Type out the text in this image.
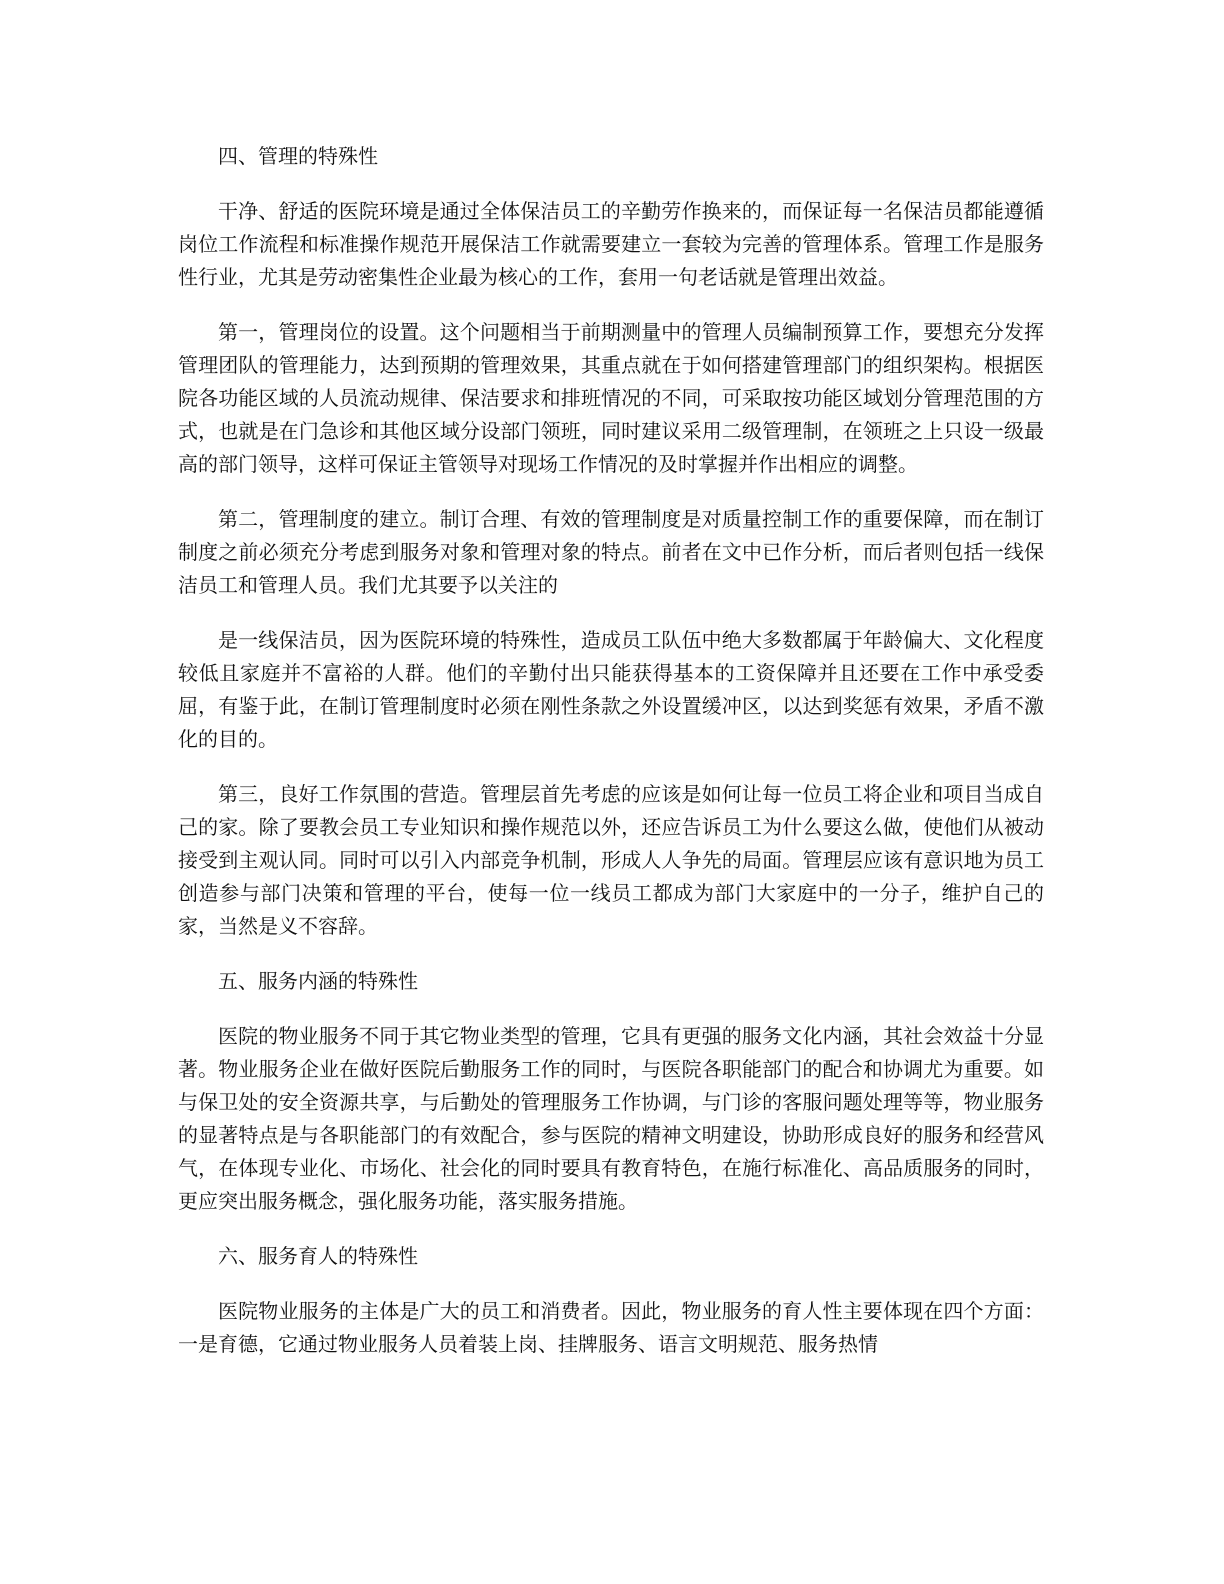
四、管理的特殊性

干净、舒适的医院环境是通过全体保洁员工的辛勤劳作换来的，而保证每一名保洁员都能遵循岗位工作流程和标准操作规范开展保洁工作就需要建立一套较为完善的管理体系。管理工作是服务性行业，尤其是劳动密集性企业最为核心的工作，套用一句老话就是管理出效益。

第一，管理岗位的设置。这个问题相当于前期测量中的管理人员编制预算工作，要想充分发挥管理团队的管理能力，达到预期的管理效果，其重点就在于如何搭建管理部门的组织架构。根据医院各功能区域的人员流动规律、保洁要求和排班情况的不同，可采取按功能区域划分管理范围的方式，也就是在门急诊和其他区域分设部门领班，同时建议采用二级管理制，在领班之上只设一级最高的部门领导，这样可保证主管领导对现场工作情况的及时掌握并作出相应的调整。

第二，管理制度的建立。制订合理、有效的管理制度是对质量控制工作的重要保障，而在制订制度之前必须充分考虑到服务对象和管理对象的特点。前者在文中已作分析，而后者则包括一线保洁员工和管理人员。我们尤其要予以关注的

是一线保洁员，因为医院环境的特殊性，造成员工队伍中绝大多数都属于年龄偏大、文化程度较低且家庭并不富裕的人群。他们的辛勤付出只能获得基本的工资保障并且还要在工作中承受委屈，有鉴于此，在制订管理制度时必须在刚性条款之外设置缓冲区，以达到奖惩有效果，矛盾不激化的目的。

第三，良好工作氛围的营造。管理层首先考虑的应该是如何让每一位员工将企业和项目当成自己的家。除了要教会员工专业知识和操作规范以外，还应告诉员工为什么要这么做，使他们从被动接受到主观认同。同时可以引入内部竞争机制，形成人人争先的局面。管理层应该有意识地为员工创造参与部门决策和管理的平台，使每一位一线员工都成为部门大家庭中的一分子，维护自己的家，当然是义不容辞。

五、服务内涵的特殊性

医院的物业服务不同于其它物业类型的管理，它具有更强的服务文化内涵，其社会效益十分显著。物业服务企业在做好医院后勤服务工作的同时，与医院各职能部门的配合和协调尤为重要。如与保卫处的安全资源共享，与后勤处的管理服务工作协调，与门诊的客服问题处理等等，物业服务的显著特点是与各职能部门的有效配合，参与医院的精神文明建设，协助形成良好的服务和经营风气，在体现专业化、市场化、社会化的同时要具有教育特色，在施行标准化、高品质服务的同时，更应突出服务概念，强化服务功能，落实服务措施。

六、服务育人的特殊性

医院物业服务的主体是广大的员工和消费者。因此，物业服务的育人性主要体现在四个方面：一是育德，它通过物业服务人员着装上岗、挂牌服务、语言文明规范、服务热情
